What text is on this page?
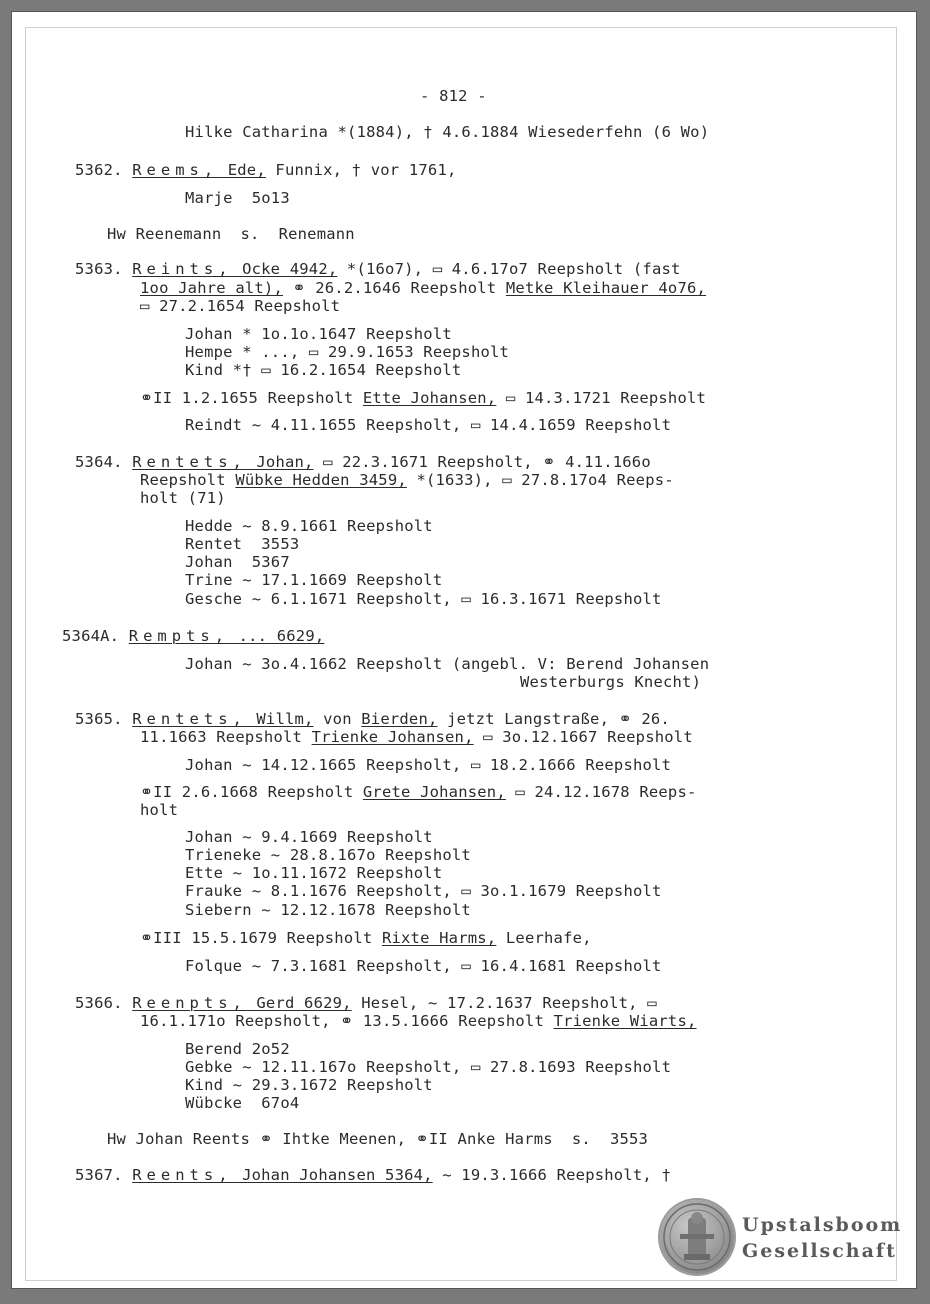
Hilke Catharina *(1884), † 4.6.1884 Wiesederfehn (6 Wo)
5362. Reems, Ede, Funnix, † vor 1761,
Marje  5o13
Hw Reenemann  s.  Renemann
5363. Reints, Ocke 4942, *(16o7), ▭ 4.6.17o7 Reepsholt (fast
1oo Jahre alt), ⚭ 26.2.1646 Reepsholt Metke Kleihauer 4o76,
▭ 27.2.1654 Reepsholt
Johan * 1o.1o.1647 Reepsholt
Hempe * ..., ▭ 29.9.1653 Reepsholt
Kind *† ▭ 16.2.1654 Reepsholt
⚭II 1.2.1655 Reepsholt Ette Johansen, ▭ 14.3.1721 Reepsholt
Reindt ~ 4.11.1655 Reepsholt, ▭ 14.4.1659 Reepsholt
5364. Rentets, Johan, ▭ 22.3.1671 Reepsholt, ⚭ 4.11.166o
Reepsholt Wübke Hedden 3459, *(1633), ▭ 27.8.17o4 Reeps-
holt (71)
Hedde ~ 8.9.1661 Reepsholt
Rentet  3553
Johan  5367
Trine ~ 17.1.1669 Reepsholt
Gesche ~ 6.1.1671 Reepsholt, ▭ 16.3.1671 Reepsholt
5364A. Rempts, ... 6629,
Johan ~ 3o.4.1662 Reepsholt (angebl. V: Berend Johansen
Westerburgs Knecht)
5365. Rentets, Willm, von Bierden, jetzt Langstraße, ⚭ 26.
11.1663 Reepsholt Trienke Johansen, ▭ 3o.12.1667 Reepsholt
Johan ~ 14.12.1665 Reepsholt, ▭ 18.2.1666 Reepsholt
⚭II 2.6.1668 Reepsholt Grete Johansen, ▭ 24.12.1678 Reeps-
holt
Johan ~ 9.4.1669 Reepsholt
Trieneke ~ 28.8.167o Reepsholt
Ette ~ 1o.11.1672 Reepsholt
Frauke ~ 8.1.1676 Reepsholt, ▭ 3o.1.1679 Reepsholt
Siebern ~ 12.12.1678 Reepsholt
⚭III 15.5.1679 Reepsholt Rixte Harms, Leerhafe,
Folque ~ 7.3.1681 Reepsholt, ▭ 16.4.1681 Reepsholt
5366. Reenpts, Gerd 6629, Hesel, ~ 17.2.1637 Reepsholt, ▭
16.1.171o Reepsholt, ⚭ 13.5.1666 Reepsholt Trienke Wiarts,
Berend 2o52
Gebke ~ 12.11.167o Reepsholt, ▭ 27.8.1693 Reepsholt
Kind ~ 29.3.1672 Reepsholt
Wübcke  67o4
Hw Johan Reents ⚭ Ihtke Meenen, ⚭II Anke Harms  s.  3553
5367. Reents, Johan Johansen 5364, ~ 19.3.1666 Reepsholt, †
- 812 -
Upstalsboom
Gesellschaft
